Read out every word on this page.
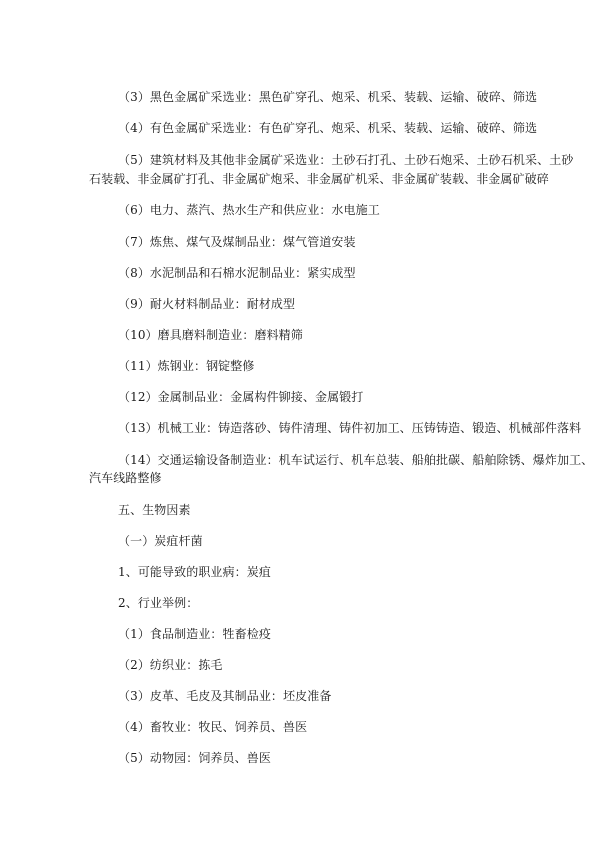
（3）黑色金属矿采选业：黑色矿穿孔、炮采、机采、装载、运输、破碎、筛选
（4）有色金属矿采选业：有色矿穿孔、炮采、机采、装载、运输、破碎、筛选
（5）建筑材料及其他非金属矿采选业：土砂石打孔、土砂石炮采、土砂石机采、土砂
石装载、非金属矿打孔、非金属矿炮采、非金属矿机采、非金属矿装载、非金属矿破碎
（6）电力、蒸汽、热水生产和供应业：水电施工
（7）炼焦、煤气及煤制品业：煤气管道安装
（8）水泥制品和石棉水泥制品业：紧实成型
（9）耐火材料制品业：耐材成型
（10）磨具磨料制造业：磨料精筛
（11）炼钢业：钢锭整修
（12）金属制品业：金属构件铆接、金属锻打
（13）机械工业：铸造落砂、铸件清理、铸件初加工、压铸铸造、锻造、机械部件落料
（14）交通运输设备制造业：机车试运行、机车总装、船舶批碳、船舶除锈、爆炸加工、
汽车线路整修
五、生物因素
（一）炭疽杆菌
1、可能导致的职业病：炭疽
2、行业举例：
（1）食品制造业：牲畜检疫
（2）纺织业：拣毛
（3）皮革、毛皮及其制品业：坯皮准备
（4）畜牧业：牧民、饲养员、兽医
（5）动物园：饲养员、兽医
